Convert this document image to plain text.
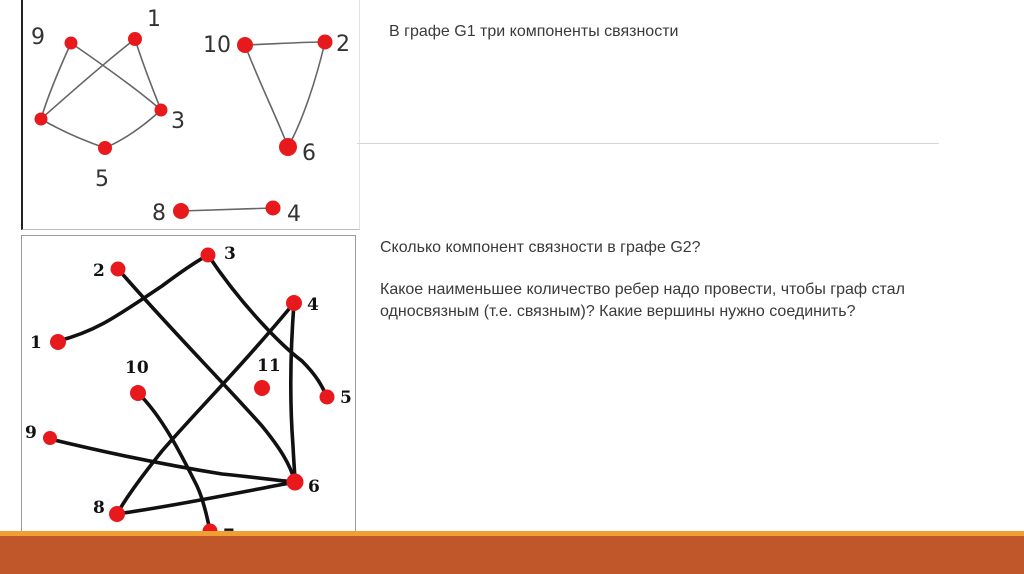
9
1
3
5
10	2
6
8	4
1
2
3
4
5
6
8
9
10	11
В графе G1 три компоненты связности
Сколько компонент связности в графе G2?
Какое наименьшее количество ребер надо провести, чтобы граф стал односвязным (т.е. связным)? Какие вершины нужно соединить?
